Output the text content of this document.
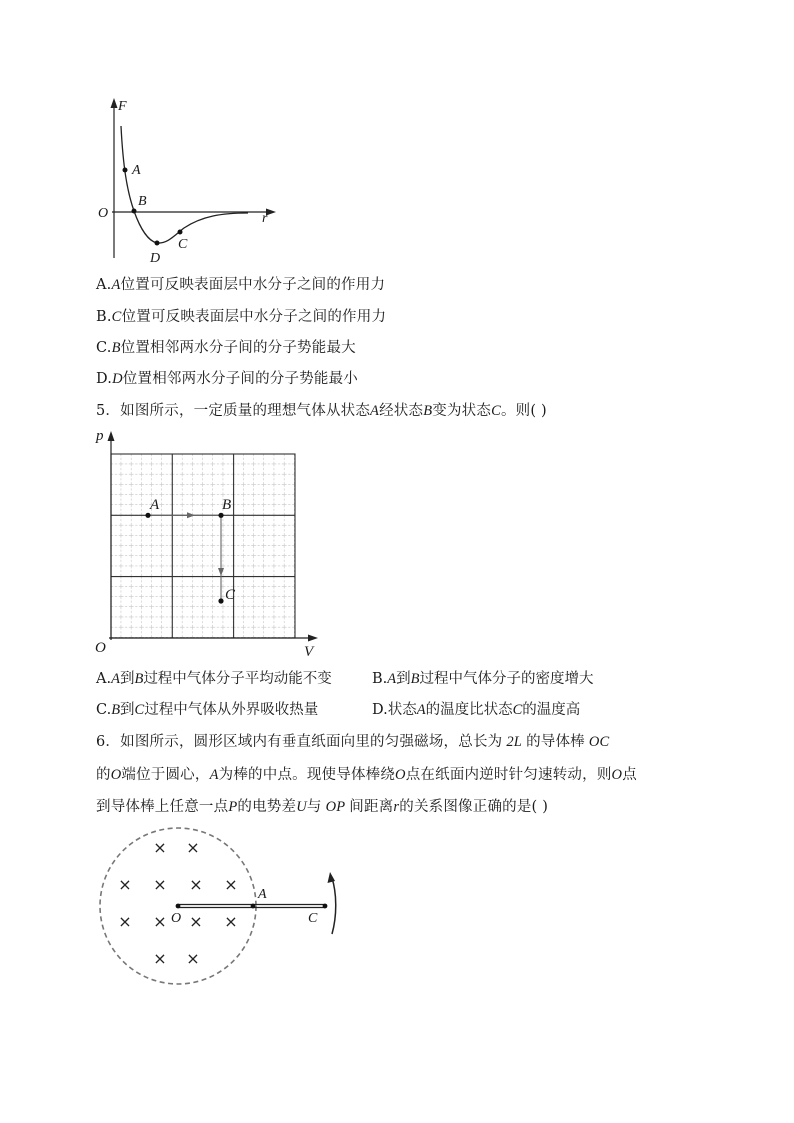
F
r
O
A
B
D
C
A.A位置可反映表面层中水分子之间的作用力
B.C位置可反映表面层中水分子之间的作用力
C.B位置相邻两水分子间的分子势能最大
D.D位置相邻两水分子间的分子势能最小
5．如图所示，一定质量的理想气体从状态A经状态B变为状态C。则( )
p
V
O
A	B
C
A.A到B过程中气体分子平均动能不变	B.A到B过程中气体分子的密度增大
C.B到C过程中气体从外界吸收热量	D.状态A的温度比状态C的温度高
6．如图所示，圆形区域内有垂直纸面向里的匀强磁场，总长为 2L 的导体棒 OC
的O端位于圆心，A为棒的中点。现使导体棒绕O点在纸面内逆时针匀速转动，则O点
到导体棒上任意一点P的电势差U与 OP 间距离r的关系图像正确的是( )
× ×
× × × ×
× × × ×
× ×
O
A
C
